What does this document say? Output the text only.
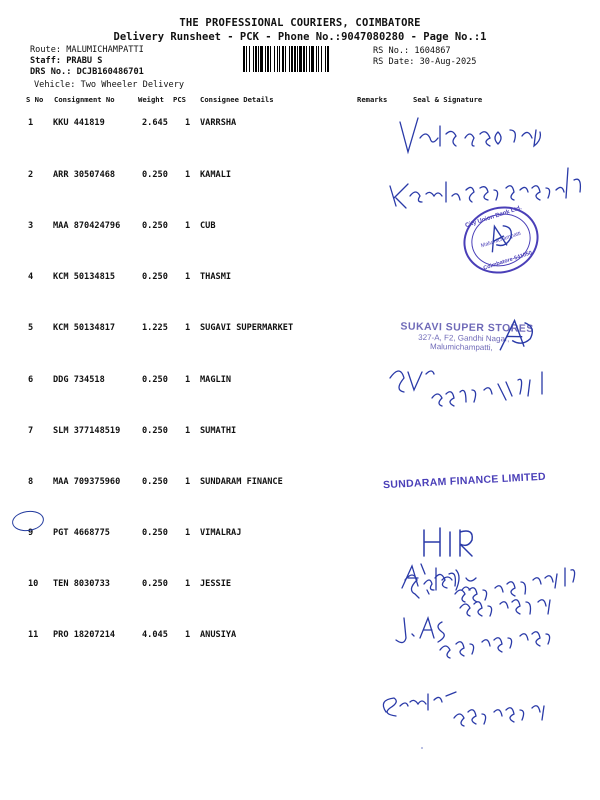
THE PROFESSIONAL COURIERS, COIMBATORE
Delivery Runsheet - PCK - Phone No.:9047080280 - Page No.:1
Route: MALUMICHAMPATTI
Staff: PRABU S
DRS No.: DCJB160486701
Vehicle: Two Wheeler Delivery
RS No.: 1604867
RS Date: 30-Aug-2025
S No Consignment No	Weight PCS Consignee Details	Remarks	Seal & Signature
1 KKU 441819	2.645 1 VARRSHA
2 ARR 30507468	0.250 1 KAMALI
3 MAA 870424796	0.250 1 CUB
4 KCM 50134815	0.250 1 THASMI
5 KCM 50134817	1.225 1 SUGAVI SUPERMARKET
6 DDG 734518	0.250 1 MAGLIN
7 SLM 377148519	0.250 1 SUMATHI
8 MAA 709375960	0.250 1 SUNDARAM FINANCE
9 PGT 4668775	0.250 1 VIMALRAJ
10 TEN 8030733	0.250 1 JESSIE
11 PRO 18207214	4.045 1 ANUSIYA
City Union Bank Ltd.
Malumichampatti
Coimbatore-641050
SUKAVI SUPER STORES
327-A, F2, Gandhi Nagar,
Malumichampatti,
SUNDARAM FINANCE LIMITED
